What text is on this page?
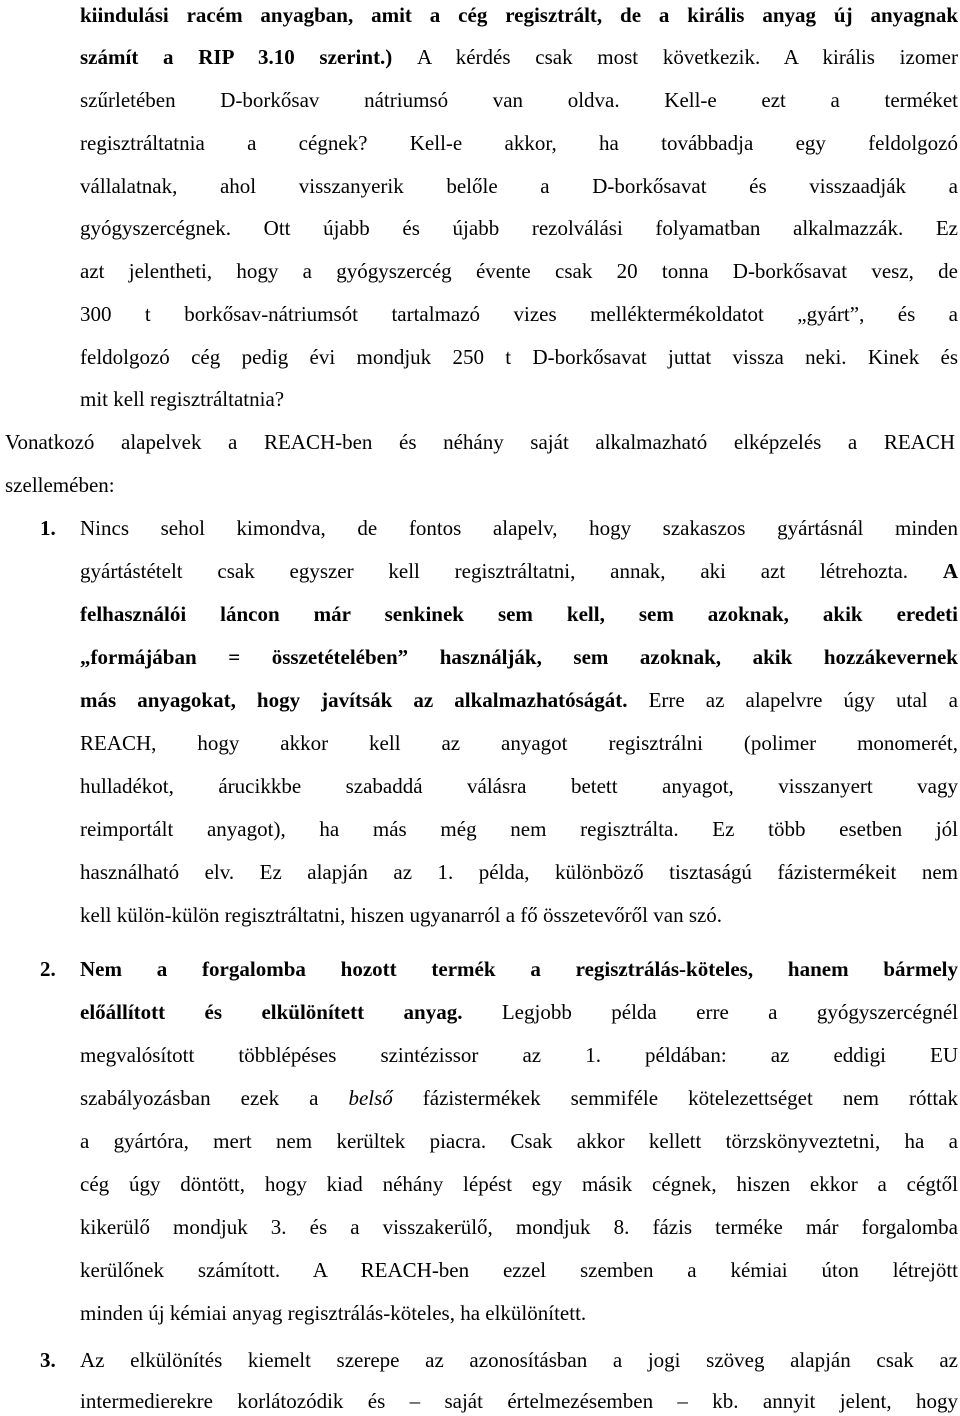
kiindulási racém anyagban, amit a cég regisztrált, de a királis anyag új anyagnak

számít a RIP 3.10 szerint.) A kérdés csak most következik. A királis izomer

szűrletében D-borkősav nátriumsó van oldva. Kell-e ezt a terméket

regisztráltatnia a cégnek? Kell-e akkor, ha továbbadja egy feldolgozó

vállalatnak, ahol visszanyerik belőle a D-borkősavat és visszaadják a

gyógyszercégnek. Ott újabb és újabb rezolválási folyamatban alkalmazzák. Ez

azt jelentheti, hogy a gyógyszercég évente csak 20 tonna D-borkősavat vesz, de

300 t borkősav-nátriumsót tartalmazó vizes melléktermékoldatot „gyárt”, és a

feldolgozó cég pedig évi mondjuk 250 t D-borkősavat juttat vissza neki. Kinek és

mit kell regisztráltatnia?

Vonatkozó alapelvek a REACH-ben és néhány saját alkalmazható elképzelés a REACH

szellemében:

1. Nincs sehol kimondva, de fontos alapelv, hogy szakaszos gyártásnál minden

gyártástételt csak egyszer kell regisztráltatni, annak, aki azt létrehozta. A

felhasználói láncon már senkinek sem kell, sem azoknak, akik eredeti

„formájában = összetételében” használják, sem azoknak, akik hozzákevernek

más anyagokat, hogy javítsák az alkalmazhatóságát. Erre az alapelvre úgy utal a

REACH, hogy akkor kell az anyagot regisztrálni (polimer monomerét,

hulladékot, árucikkbe szabaddá válásra betett anyagot, visszanyert vagy

reimportált anyagot), ha más még nem regisztrálta. Ez több esetben jól

használható elv. Ez alapján az 1. példa, különböző tisztaságú fázistermékeit nem

kell külön-külön regisztráltatni, hiszen ugyanarról a fő összetevőről van szó.

2. Nem a forgalomba hozott termék a regisztrálás-köteles, hanem bármely

előállított és elkülönített anyag. Legjobb példa erre a gyógyszercégnél

megvalósított többlépéses szintézissor az 1. példában: az eddigi EU

szabályozásban ezek a belső fázistermékek semmiféle kötelezettséget nem róttak

a gyártóra, mert nem kerültek piacra. Csak akkor kellett törzskönyveztetni, ha a

cég úgy döntött, hogy kiad néhány lépést egy másik cégnek, hiszen ekkor a cégtől

kikerülő mondjuk 3. és a visszakerülő, mondjuk 8. fázis terméke már forgalomba

kerülőnek számított. A REACH-ben ezzel szemben a kémiai úton létrejött

minden új kémiai anyag regisztrálás-köteles, ha elkülönített.

3. Az elkülönítés kiemelt szerepe az azonosításban a jogi szöveg alapján csak az

intermedierekre korlátozódik és – saját értelmezésemben – kb. annyit jelent, hogy
